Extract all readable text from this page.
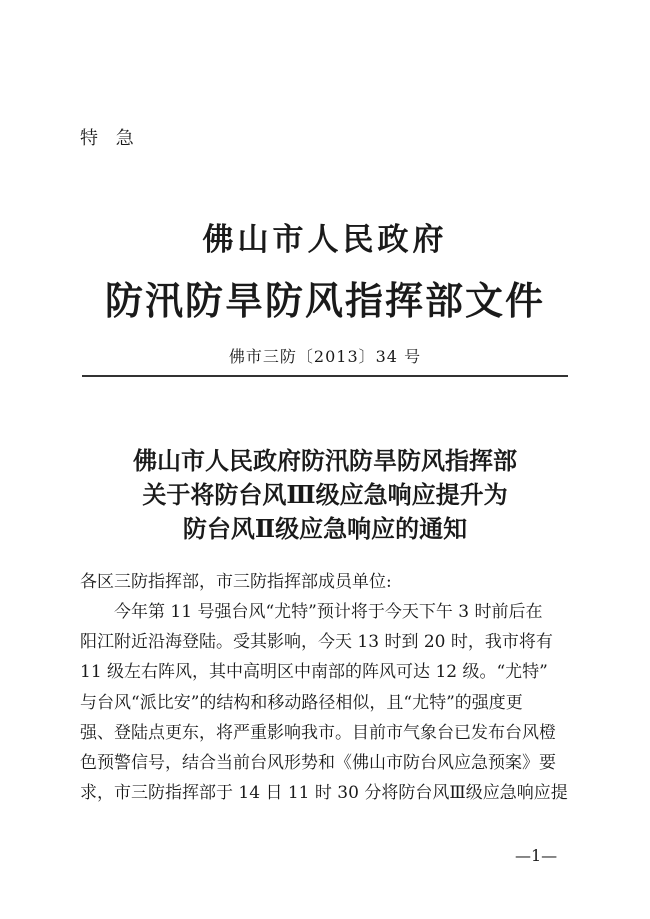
特 急
佛山市人民政府
防汛防旱防风指挥部文件
佛市三防〔2013〕34 号
佛山市人民政府防汛防旱防风指挥部
关于将防台风Ⅲ级应急响应提升为
防台风Ⅱ级应急响应的通知
各区三防指挥部，市三防指挥部成员单位:
今年第 11 号强台风“尤特”预计将于今天下午 3 时前后在
阳江附近沿海登陆。受其影响，今天 13 时到 20 时，我市将有
11 级左右阵风，其中高明区中南部的阵风可达 12 级。“尤特”
与台风“派比安”的结构和移动路径相似，且“尤特”的强度更
强、登陆点更东，将严重影响我市。目前市气象台已发布台风橙
色预警信号，结合当前台风形势和《佛山市防台风应急预案》要
求，市三防指挥部于 14 日 11 时 30 分将防台风Ⅲ级应急响应提
—1—
